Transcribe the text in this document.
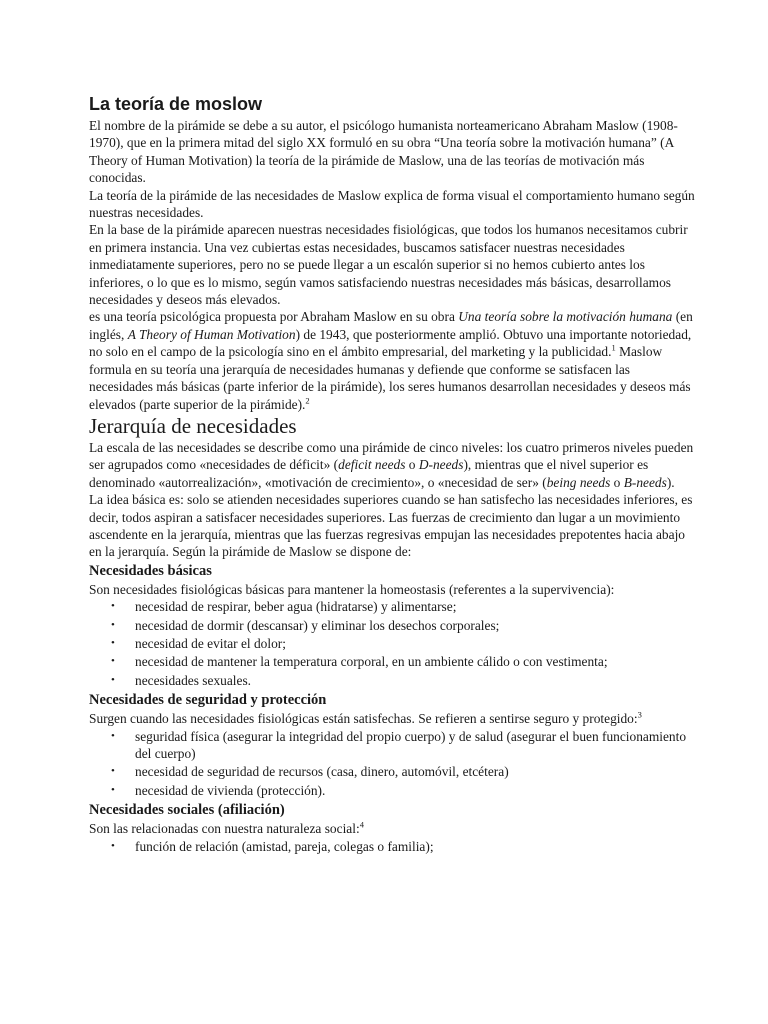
La teoría de moslow

El nombre de la pirámide se debe a su autor, el psicólogo humanista norteamericano Abraham Maslow (1908-1970), que en la primera mitad del siglo XX formuló en su obra “Una teoría sobre la motivación humana” (A Theory of Human Motivation) la teoría de la pirámide de Maslow, una de las teorías de motivación más conocidas.

La teoría de la pirámide de las necesidades de Maslow explica de forma visual el comportamiento humano según nuestras necesidades.

En la base de la pirámide aparecen nuestras necesidades fisiológicas, que todos los humanos necesitamos cubrir en primera instancia. Una vez cubiertas estas necesidades, buscamos satisfacer nuestras necesidades inmediatamente superiores, pero no se puede llegar a un escalón superior si no hemos cubierto antes los inferiores, o lo que es lo mismo, según vamos satisfaciendo nuestras necesidades más básicas, desarrollamos necesidades y deseos más elevados.

es una teoría psicológica propuesta por Abraham Maslow en su obra Una teoría sobre la motivación humana (en inglés, A Theory of Human Motivation) de 1943, que posteriormente amplió. Obtuvo una importante notoriedad, no solo en el campo de la psicología sino en el ámbito empresarial, del marketing y la publicidad.$^1$ Maslow formula en su teoría una jerarquía de necesidades humanas y defiende que conforme se satisfacen las necesidades más básicas (parte inferior de la pirámide), los seres humanos desarrollan necesidades y deseos más elevados (parte superior de la pirámide).$^2$

Jerarquía de necesidades

La escala de las necesidades se describe como una pirámide de cinco niveles: los cuatro primeros niveles pueden ser agrupados como «necesidades de déficit» (deficit needs o D-needs), mientras que el nivel superior es denominado «autorrealización», «motivación de crecimiento», o «necesidad de ser» (being needs o B-needs).

La idea básica es: solo se atienden necesidades superiores cuando se han satisfecho las necesidades inferiores, es decir, todos aspiran a satisfacer necesidades superiores. Las fuerzas de crecimiento dan lugar a un movimiento ascendente en la jerarquía, mientras que las fuerzas regresivas empujan las necesidades prepotentes hacia abajo en la jerarquía. Según la pirámide de Maslow se dispone de:

Necesidades básicas

Son necesidades fisiológicas básicas para mantener la homeostasis (referentes a la supervivencia):

• necesidad de respirar, beber agua (hidratarse) y alimentarse;
• necesidad de dormir (descansar) y eliminar los desechos corporales;
• necesidad de evitar el dolor;
• necesidad de mantener la temperatura corporal, en un ambiente cálido o con vestimenta;
• necesidades sexuales.
Necesidades de seguridad y protección

Surgen cuando las necesidades fisiológicas están satisfechas. Se refieren a sentirse seguro y protegido:$^3$

• seguridad física (asegurar la integridad del propio cuerpo) y de salud (asegurar el buen funcionamiento del cuerpo)
• necesidad de seguridad de recursos (casa, dinero, automóvil, etcétera)
• necesidad de vivienda (protección).
Necesidades sociales (afiliación)

Son las relacionadas con nuestra naturaleza social:$^4$

• función de relación (amistad, pareja, colegas o familia);
